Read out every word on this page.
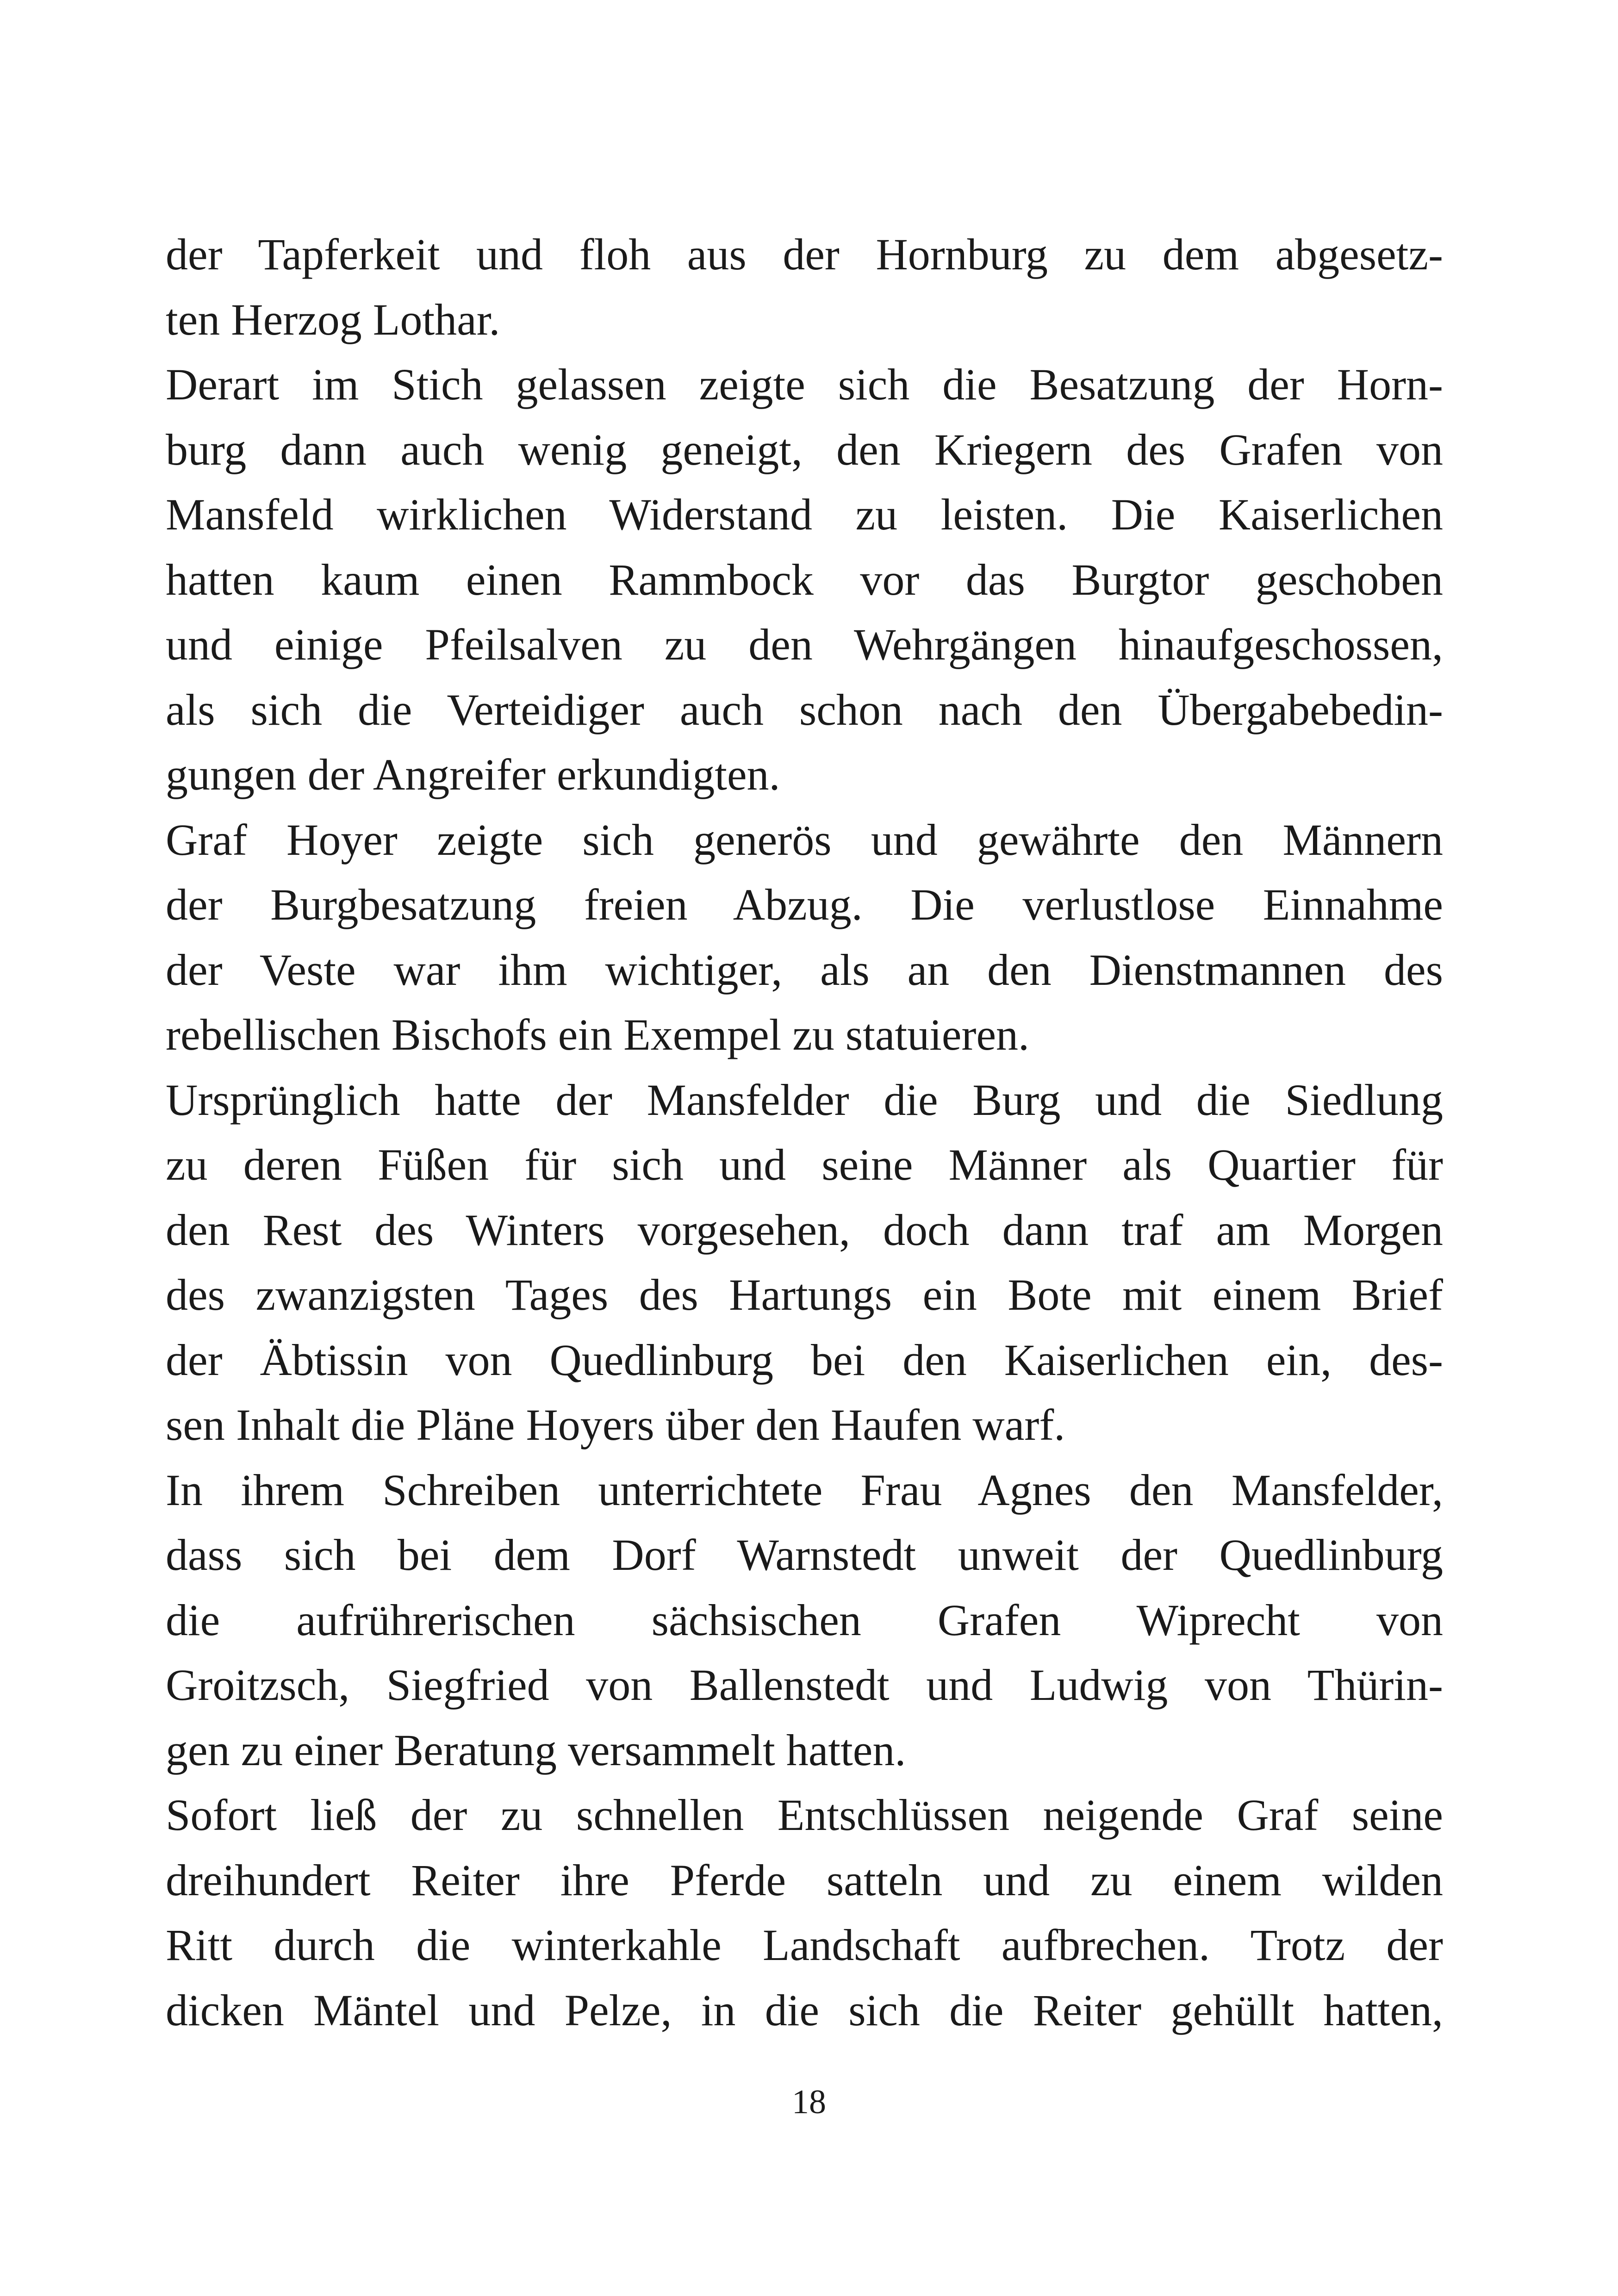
der Tapferkeit und floh aus der Hornburg zu dem abgesetz-
ten Herzog Lothar.
Derart im Stich gelassen zeigte sich die Besatzung der Horn-
burg dann auch wenig geneigt, den Kriegern des Grafen von
Mansfeld wirklichen Widerstand zu leisten. Die Kaiserlichen
hatten kaum einen Rammbock vor das Burgtor geschoben
und einige Pfeilsalven zu den Wehrgängen hinaufgeschossen,
als sich die Verteidiger auch schon nach den Übergabebedin-
gungen der Angreifer erkundigten.
Graf Hoyer zeigte sich generös und gewährte den Männern
der Burgbesatzung freien Abzug. Die verlustlose Einnahme
der Veste war ihm wichtiger, als an den Dienstmannen des
rebellischen Bischofs ein Exempel zu statuieren.
Ursprünglich hatte der Mansfelder die Burg und die Siedlung
zu deren Füßen für sich und seine Männer als Quartier für
den Rest des Winters vorgesehen, doch dann traf am Morgen
des zwanzigsten Tages des Hartungs ein Bote mit einem Brief
der Äbtissin von Quedlinburg bei den Kaiserlichen ein, des-
sen Inhalt die Pläne Hoyers über den Haufen warf.
In ihrem Schreiben unterrichtete Frau Agnes den Mansfelder,
dass sich bei dem Dorf Warnstedt unweit der Quedlinburg
die aufrührerischen sächsischen Grafen Wiprecht von
Groitzsch, Siegfried von Ballenstedt und Ludwig von Thürin-
gen zu einer Beratung versammelt hatten.
Sofort ließ der zu schnellen Entschlüssen neigende Graf seine
dreihundert Reiter ihre Pferde satteln und zu einem wilden
Ritt durch die winterkahle Landschaft aufbrechen. Trotz der
dicken Mäntel und Pelze, in die sich die Reiter gehüllt hatten,
18
